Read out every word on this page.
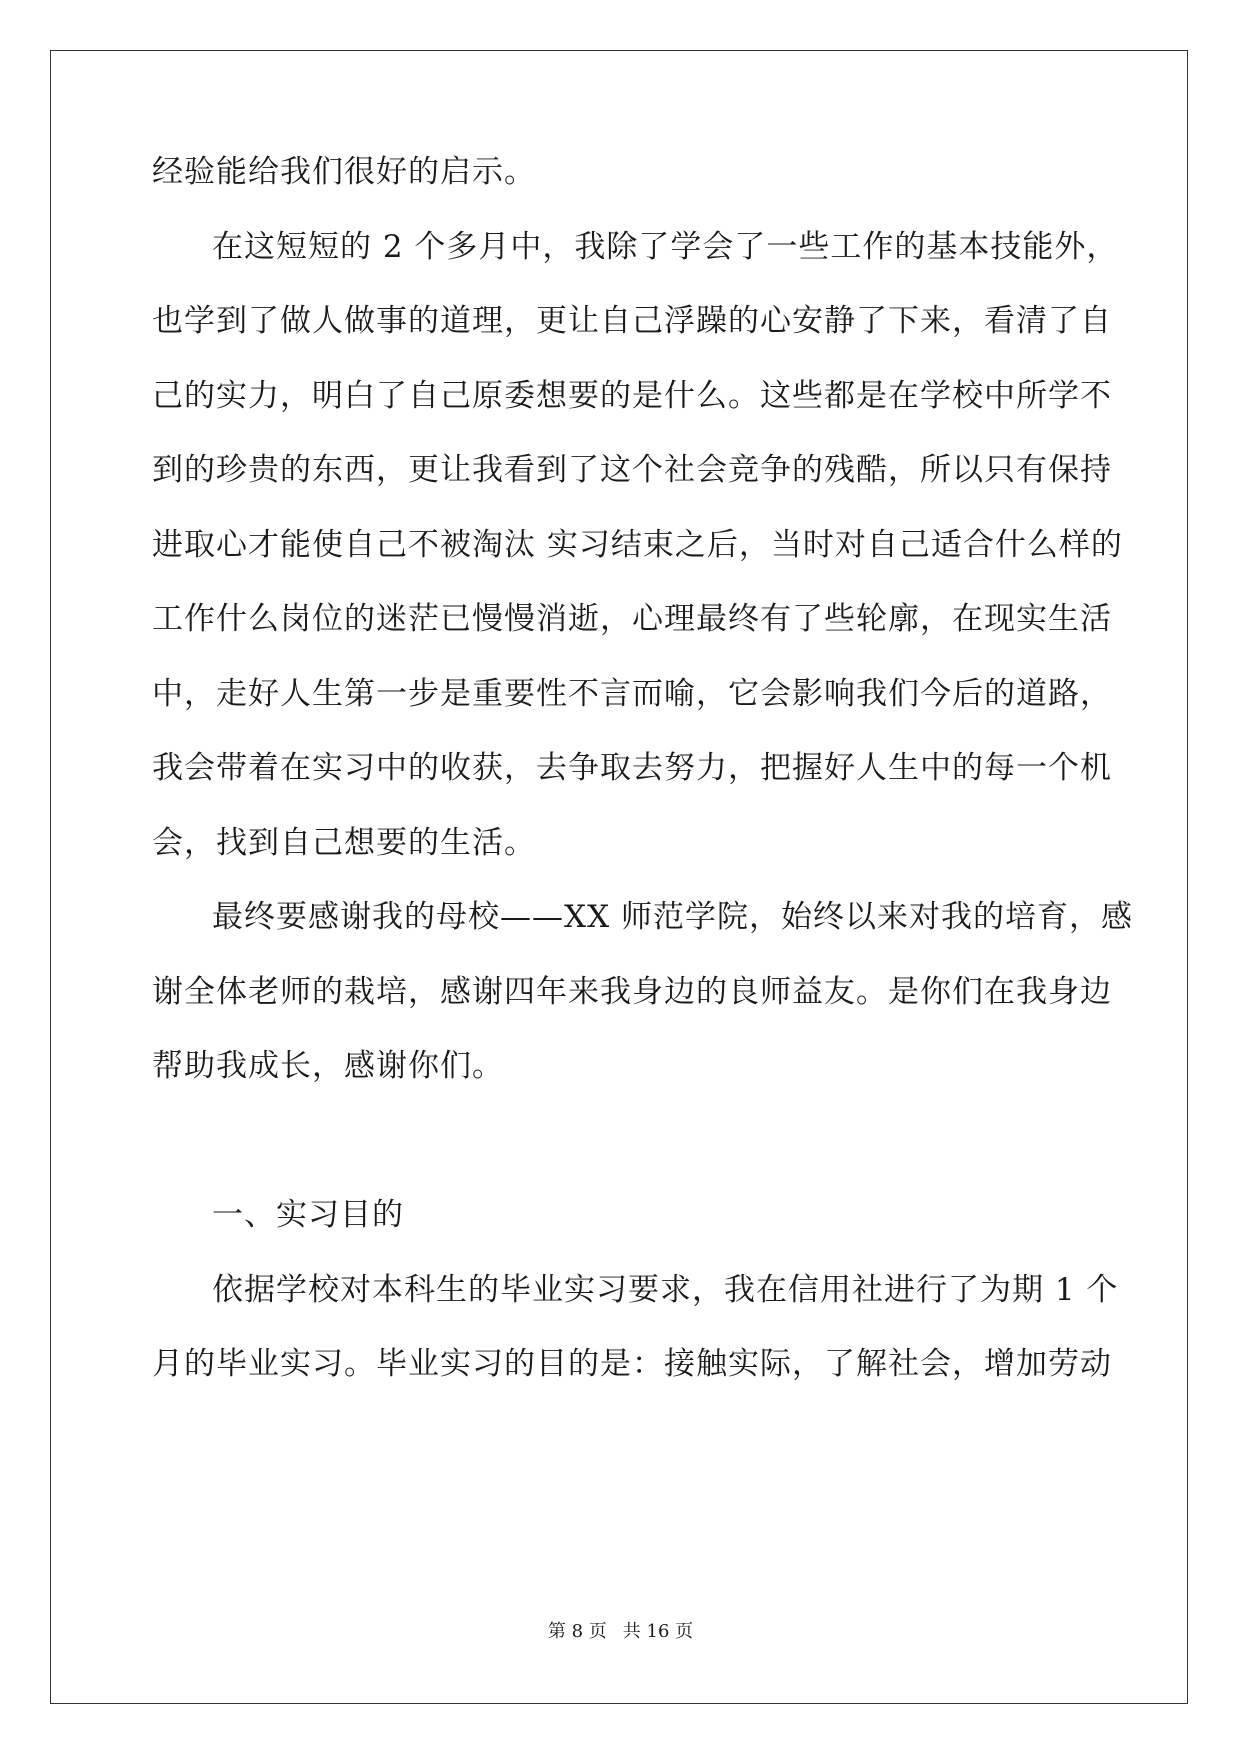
经验能给我们很好的启示。
在这短短的 2 个多月中，我除了学会了一些工作的基本技能外，
也学到了做人做事的道理，更让自己浮躁的心安静了下来，看清了自
己的实力，明白了自己原委想要的是什么。这些都是在学校中所学不
到的珍贵的东西，更让我看到了这个社会竞争的残酷，所以只有保持
进取心才能使自己不被淘汰 实习结束之后，当时对自己适合什么样的
工作什么岗位的迷茫已慢慢消逝，心理最终有了些轮廓，在现实生活
中，走好人生第一步是重要性不言而喻，它会影响我们今后的道路，
我会带着在实习中的收获，去争取去努力，把握好人生中的每一个机
会，找到自己想要的生活。
最终要感谢我的母校——XX 师范学院，始终以来对我的培育，感
谢全体老师的栽培，感谢四年来我身边的良师益友。是你们在我身边
帮助我成长，感谢你们。
一、实习目的
依据学校对本科生的毕业实习要求，我在信用社进行了为期 1 个
月的毕业实习。毕业实习的目的是：接触实际，了解社会，增加劳动
第 8 页 共 16 页
